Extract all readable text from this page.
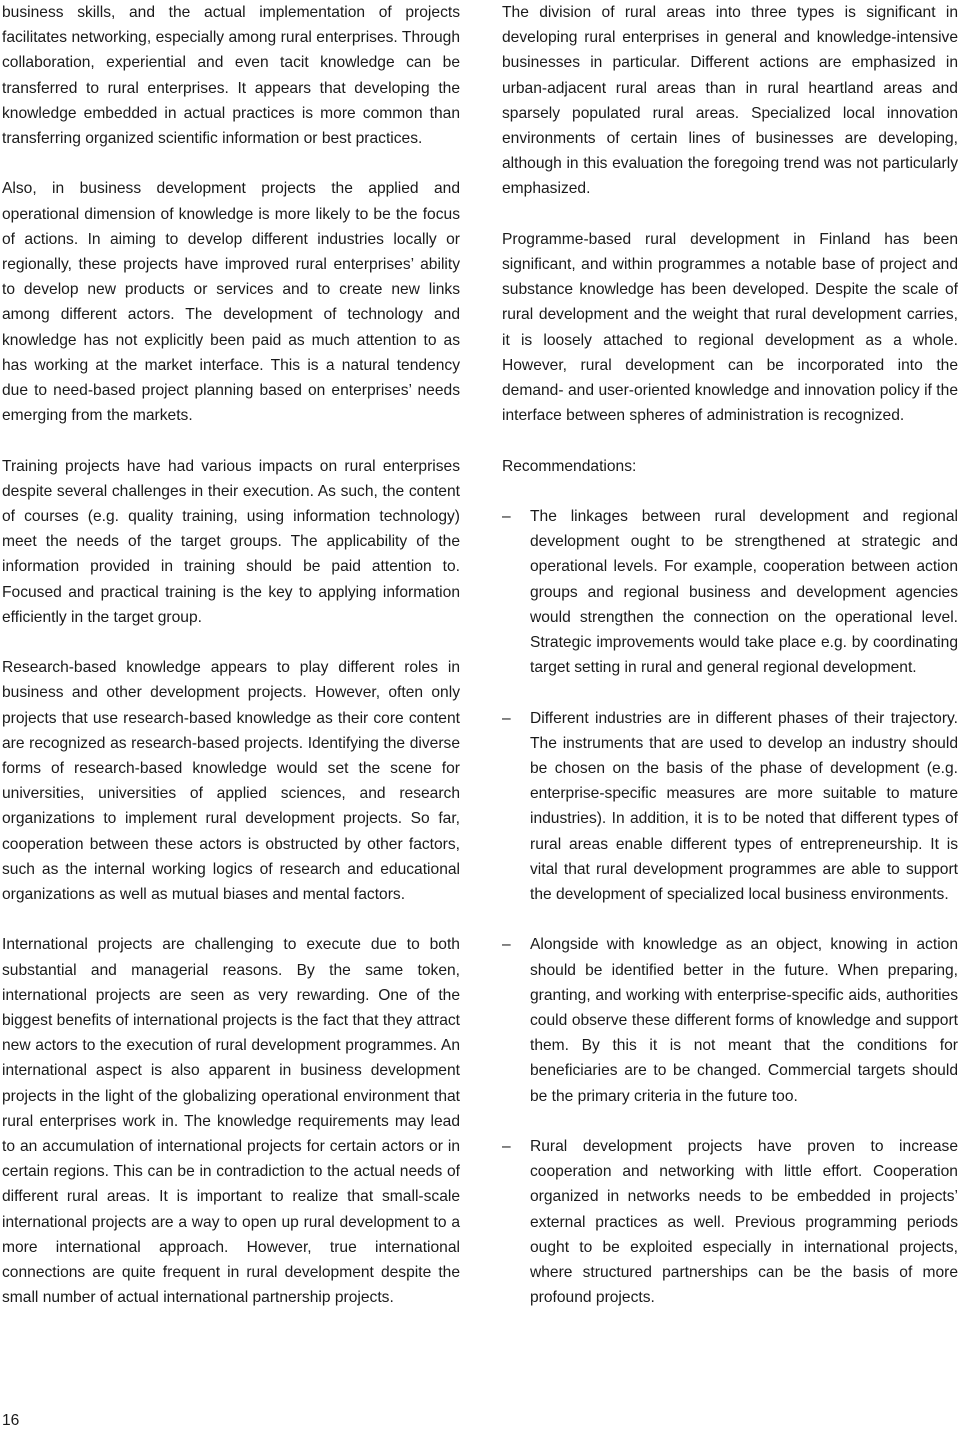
business skills, and the actual implementation of projects facilitates networking, especially among rural enterprises. Through collaboration, experiential and even tacit knowledge can be transferred to rural enterprises. It appears that developing the knowledge embedded in actual practices is more common than transferring organized scientific information or best practices.

Also, in business development projects the applied and operational dimension of knowledge is more likely to be the focus of actions. In aiming to develop different industries locally or regionally, these projects have improved rural enterprises’ ability to develop new products or services and to create new links among different actors. The development of technology and knowledge has not explicitly been paid as much attention to as has working at the market interface. This is a natural tendency due to need-based project planning based on enterprises’ needs emerging from the markets.

Training projects have had various impacts on rural enterprises despite several challenges in their execution. As such, the content of courses (e.g. quality training, using information technology) meet the needs of the target groups. The applicability of the information provided in training should be paid attention to. Focused and practical training is the key to applying information efficiently in the target group.

Research-based knowledge appears to play different roles in business and other development projects. However, often only projects that use research-based knowledge as their core content are recognized as research-based projects. Identifying the diverse forms of research-based knowledge would set the scene for universities, universities of applied sciences, and research organizations to implement rural development projects. So far, cooperation between these actors is obstructed by other factors, such as the internal working logics of research and educational organizations as well as mutual biases and mental factors.

International projects are challenging to execute due to both substantial and managerial reasons. By the same token, international projects are seen as very rewarding. One of the biggest benefits of international projects is the fact that they attract new actors to the execution of rural development programmes. An international aspect is also apparent in business development projects in the light of the globalizing operational environment that rural enterprises work in. The knowledge requirements may lead to an accumulation of international projects for certain actors or in certain regions. This can be in contradiction to the actual needs of different rural areas. It is important to realize that small-scale international projects are a way to open up rural development to a more international approach. However, true international connections are quite frequent in rural development despite the small number of actual international partnership projects.

The division of rural areas into three types is significant in developing rural enterprises in general and knowledge-intensive businesses in particular. Different actions are emphasized in urban-adjacent rural areas than in rural heartland areas and sparsely populated rural areas. Specialized local innovation environments of certain lines of businesses are developing, although in this evaluation the foregoing trend was not particularly emphasized.

Programme-based rural development in Finland has been significant, and within programmes a notable base of project and substance knowledge has been developed. Despite the scale of rural development and the weight that rural development carries, it is loosely attached to regional development as a whole. However, rural development can be incorporated into the demand- and user-oriented knowledge and innovation policy if the interface between spheres of administration is recognized.

Recommendations:
– The linkages between rural development and regional development ought to be strengthened at strategic and operational levels. For example, cooperation between action groups and regional business and development agencies would strengthen the connection on the operational level. Strategic improvements would take place e.g. by coordinating target setting in rural and general regional development.
– Different industries are in different phases of their trajectory. The instruments that are used to develop an industry should be chosen on the basis of the phase of development (e.g. enterprise-specific measures are more suitable to mature industries). In addition, it is to be noted that different types of rural areas enable different types of entrepreneurship. It is vital that rural development programmes are able to support the development of specialized local business environments.
– Alongside with knowledge as an object, knowing in action should be identified better in the future. When preparing, granting, and working with enterprise-specific aids, authorities could observe these different forms of knowledge and support them. By this it is not meant that the conditions for beneficiaries are to be changed. Commercial targets should be the primary criteria in the future too.
– Rural development projects have proven to increase cooperation and networking with little effort. Cooperation organized in networks needs to be embedded in projects’ external practices as well. Previous programming periods ought to be exploited especially in international projects, where structured partnerships can be the basis of more profound projects.
16
